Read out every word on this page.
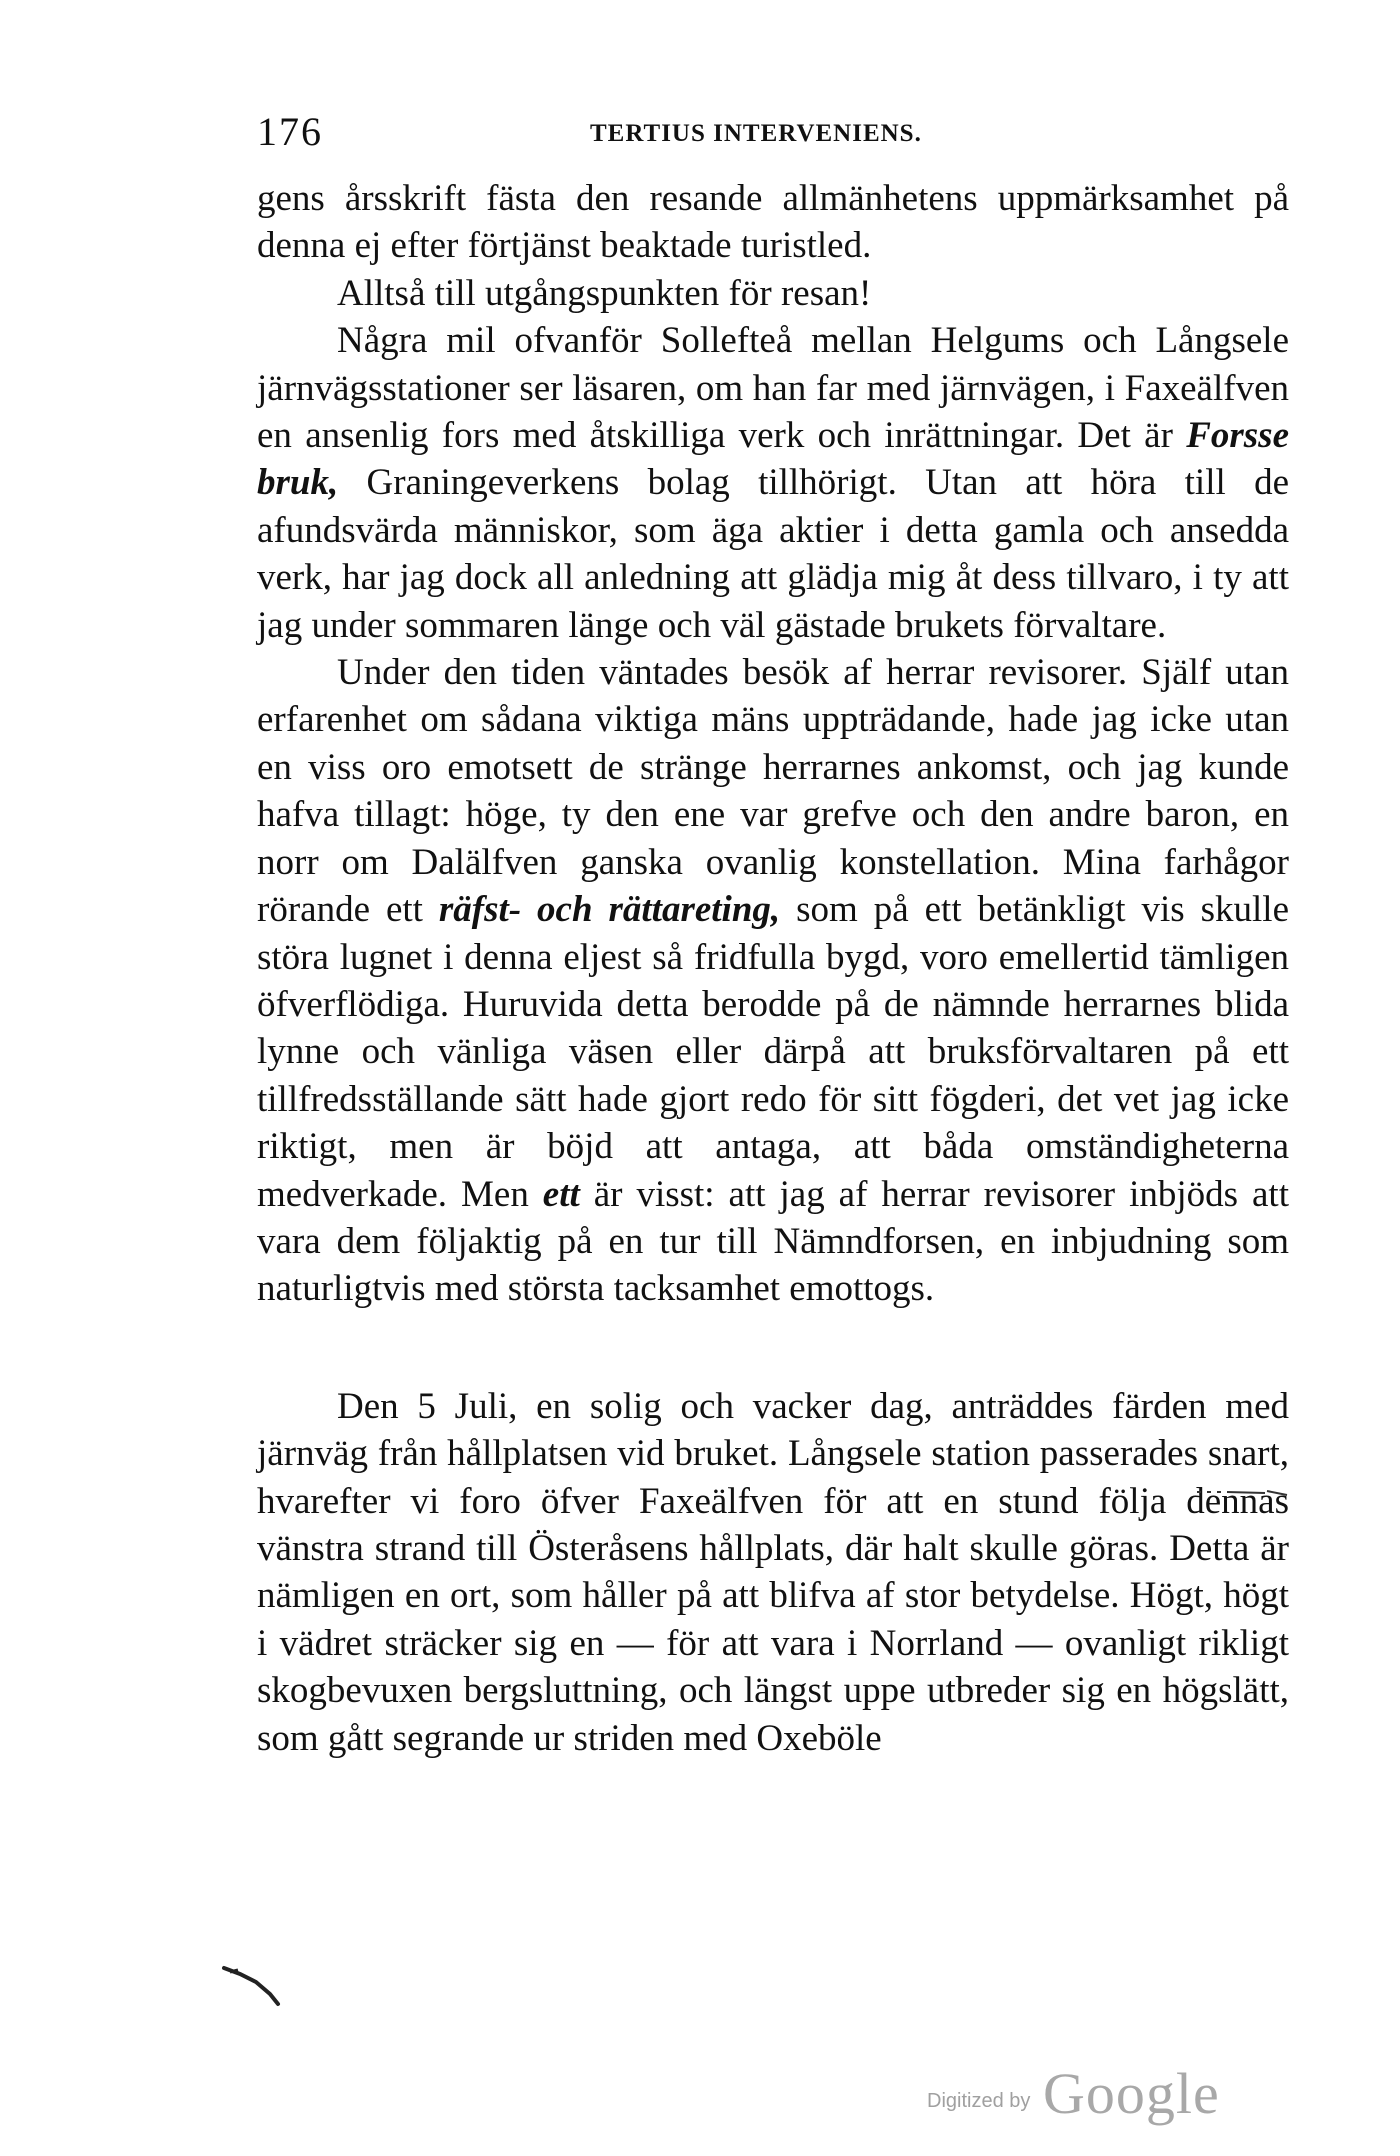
176	TERTIUS INTERVENIENS.

gens årsskrift fästa den resande allmänhetens uppmärksamhet på denna ej efter förtjänst beaktade turistled.

Alltså till utgångspunkten för resan!

Några mil ofvanför Sollefteå mellan Helgums och Långsele järnvägsstationer ser läsaren, om han far med järnvägen, i Faxeälfven en ansenlig fors med åtskilliga verk och inrättningar. Det är Forsse bruk, Graningeverkens bolag tillhörigt. Utan att höra till de afundsvärda människor, som äga aktier i detta gamla och ansedda verk, har jag dock all anledning att glädja mig åt dess tillvaro, i ty att jag under sommaren länge och väl gästade brukets förvaltare.

Under den tiden väntades besök af herrar revisorer. Själf utan erfarenhet om sådana viktiga mäns uppträdande, hade jag icke utan en viss oro emotsett de stränge herrarnes ankomst, och jag kunde hafva tillagt: höge, ty den ene var grefve och den andre baron, en norr om Dalälfven ganska ovanlig konstellation. Mina farhågor rörande ett räfst- och rättareting, som på ett betänkligt vis skulle störa lugnet i denna eljest så fridfulla bygd, voro emellertid tämligen öfverflödiga. Huruvida detta berodde på de nämnde herrarnes blida lynne och vänliga väsen eller därpå att bruksförvaltaren på ett tillfredsställande sätt hade gjort redo för sitt fögderi, det vet jag icke riktigt, men är böjd att antaga, att båda omständigheterna medverkade. Men ett är visst: att jag af herrar revisorer inbjöds att vara dem följaktig på en tur till Nämndforsen, en inbjudning som naturligtvis med största tacksamhet emottogs.

Den 5 Juli, en solig och vacker dag, anträddes färden med järnväg från hållplatsen vid bruket. Långsele station passerades snart, hvarefter vi foro öfver Faxeälfven för att en stund följa dennas vänstra strand till Österåsens hållplats, där halt skulle göras. Detta är nämligen en ort, som håller på att blifva af stor betydelse. Högt, högt i vädret sträcker sig en — för att vara i Norrland — ovanligt rikligt skogbevuxen bergsluttning, och längst uppe utbreder sig en högslätt, som gått segrande ur striden med Oxeböle

Digitized by Google
